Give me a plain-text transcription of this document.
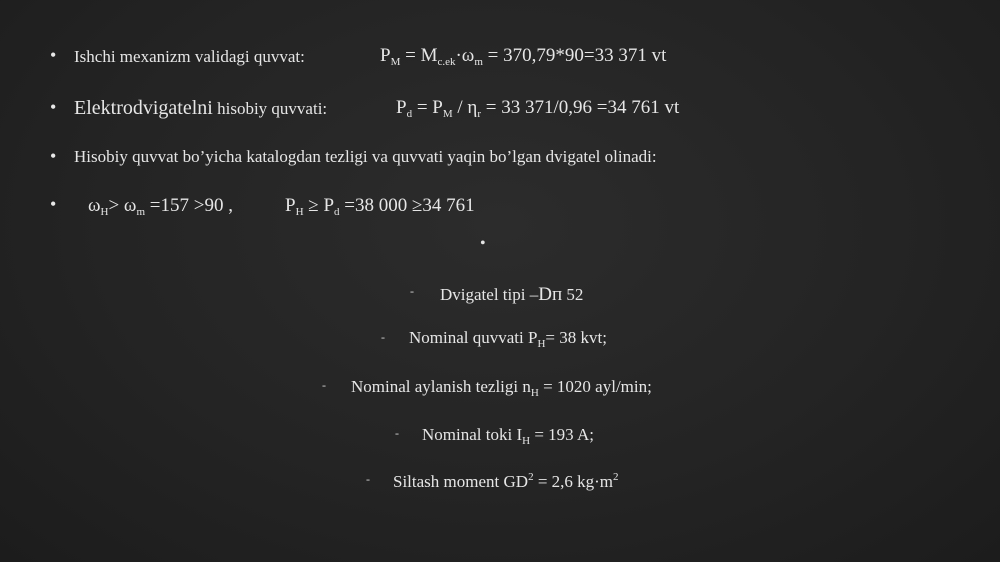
• Ishchi mexanizm validagi quvvat:	$P_M = M_{c.ek}\cdot\omega_m = 370,79*90=33$ 371 vt
• Elektrodvigatelni hisobiy quvvati:	$P_d = P_M / \eta_r = 33$ 371/0,96 =34 761 vt
• Hisobiy quvvat bo’yicha katalogdan tezligi va quvvati yaqin bo’lgan dvigatel olinadi:
• $\omega_H> \omega_m =157 >90$ ,	$P_H \ge P_d =38$ 000 ≥34 761
•
- Dvigatel tipi –Dп 52
- Nominal quvvati $P_H= 38$ kvt;
- Nominal aylanish tezligi $n_H = 1020$ ayl/min;
- Nominal toki $I_H = 193$ A;
- Siltash moment $GD^2 = 2,6$ $kg\cdot m^2$
